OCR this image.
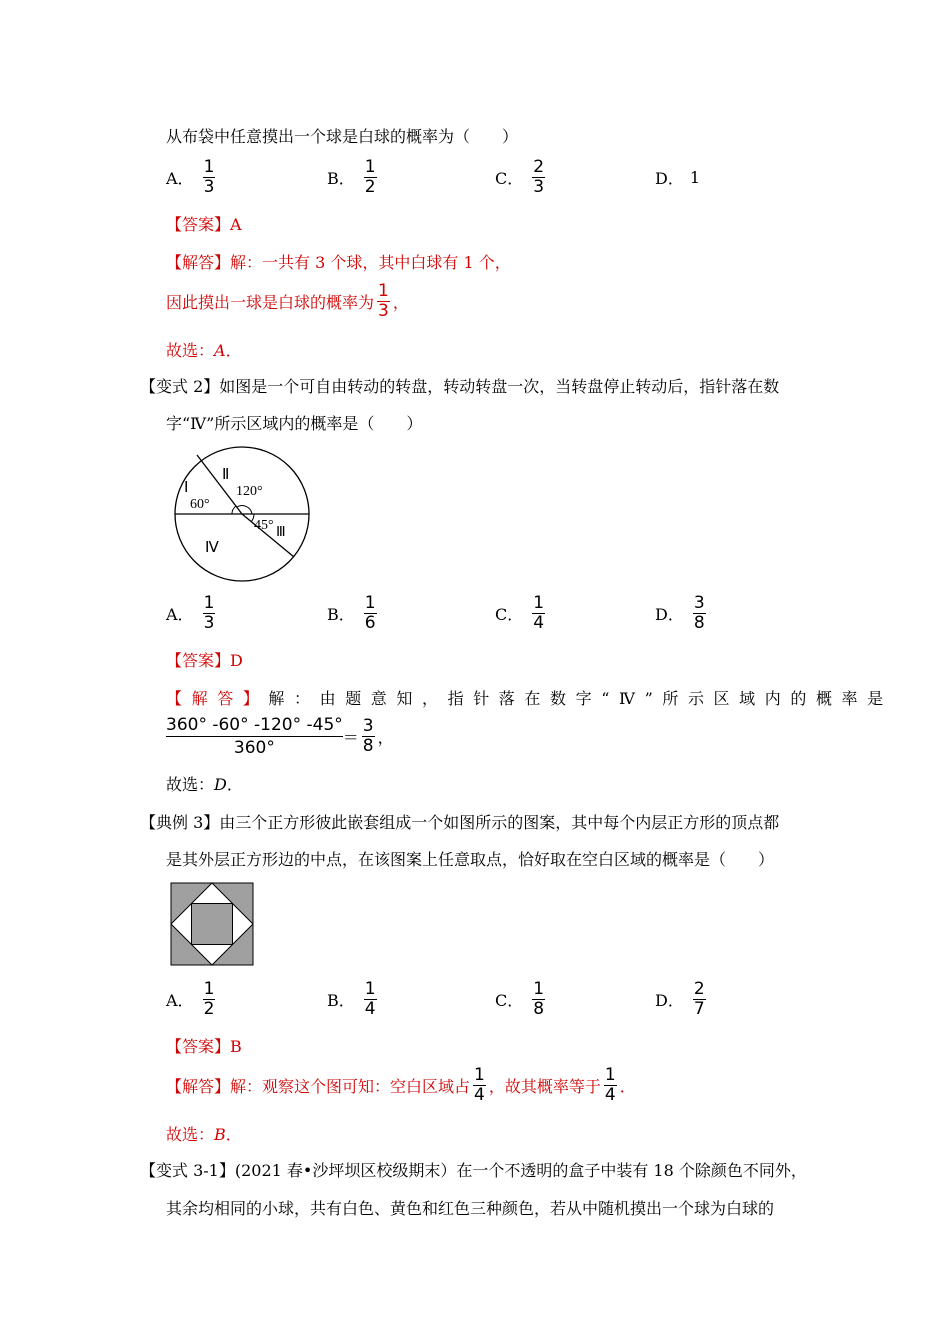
从布袋中任意摸出一个球是白球的概率为（　　）
A． $\frac{1}{3}$	B． $\frac{1}{2}$	C． $\frac{2}{3}$	D． 1
【答案】A
【解答】解：一共有 3 个球，其中白球有 1 个，
因此摸出一球是白球的概率为 $\frac{1}{3}$ ，
故选：A．
【变式 2】如图是一个可自由转动的转盘，转动转盘一次，当转盘停止转动后，指针落在数
字“Ⅳ”所示区域内的概率是（　　）
Ⅰ
Ⅱ
60°
120°
45° Ⅲ
Ⅳ
A． $\frac{1}{3}$	B． $\frac{1}{6}$	C． $\frac{1}{4}$	D． $\frac{3}{8}$
【答案】D
【解答】解：由题意知，指针落在数字“Ⅳ”所示区域内的概率是
$\frac{360^\circ -60^\circ -120^\circ -45^\circ}{360^\circ} = \frac{3}{8}$ ，
故选：D．
【典例 3】由三个正方形彼此嵌套组成一个如图所示的图案，其中每个内层正方形的顶点都
是其外层正方形边的中点，在该图案上任意取点，恰好取在空白区域的概率是（　　）
A． $\frac{1}{2}$	B． $\frac{1}{4}$	C． $\frac{1}{8}$	D． $\frac{2}{7}$
【答案】B
【解答】 解：观察这个图可知：空白区域占 $\frac{1}{4}$ ，故其概率等于 $\frac{1}{4}$ ．
故选：B．
【变式 3-1】(2021 春•沙坪坝区校级期末）在一个不透明的盒子中装有 18 个除颜色不同外，
其余均相同的小球，共有白色、黄色和红色三种颜色，若从中随机摸出一个球为白球的
